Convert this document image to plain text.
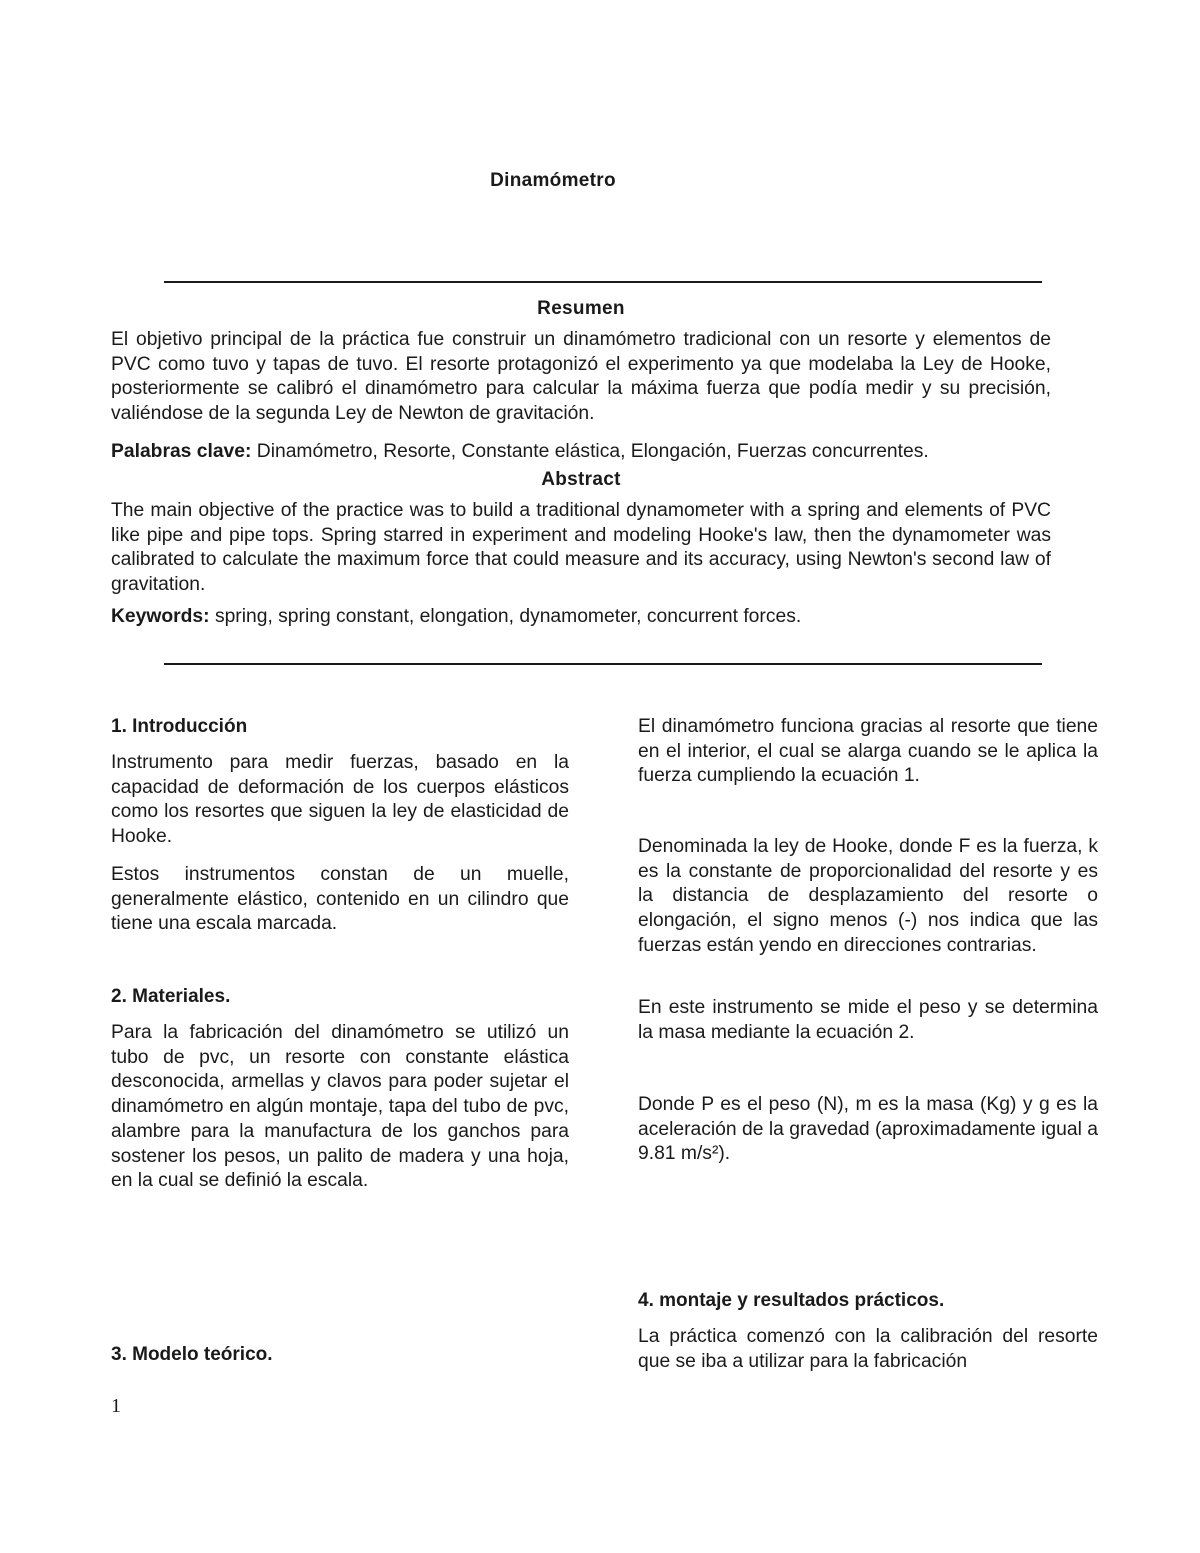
Dinamómetro
Resumen

El objetivo principal de la práctica fue construir un dinamómetro tradicional con un resorte y elementos de PVC como tuvo y tapas de tuvo. El resorte protagonizó el experimento ya que modelaba la Ley de Hooke, posteriormente se calibró el dinamómetro para calcular la máxima fuerza que podía medir y su precisión, valiéndose de la segunda Ley de Newton de gravitación.

Palabras clave: Dinamómetro, Resorte, Constante elástica, Elongación, Fuerzas concurrentes.

Abstract

The main objective of the practice was to build a traditional dynamometer with a spring and elements of PVC like pipe and pipe tops. Spring starred in experiment and modeling Hooke's law, then the dynamometer was calibrated to calculate the maximum force that could measure and its accuracy, using Newton's second law of gravitation.

Keywords: spring, spring constant, elongation, dynamometer, concurrent forces.

1. Introducción

Instrumento para medir fuerzas, basado en la capacidad de deformación de los cuerpos elásticos como los resortes que siguen la ley de elasticidad de Hooke.

Estos instrumentos constan de un muelle, generalmente elástico, contenido en un cilindro que tiene una escala marcada.

2. Materiales.

Para la fabricación del dinamómetro se utilizó un tubo de pvc, un resorte con constante elástica desconocida, armellas y clavos para poder sujetar el dinamómetro en algún montaje, tapa del tubo de pvc, alambre para la manufactura de los ganchos para sostener los pesos, un palito de madera y una hoja, en la cual se definió la escala.

3. Modelo teórico.

El dinamómetro funciona gracias al resorte que tiene en el interior, el cual se alarga cuando se le aplica la fuerza cumpliendo la ecuación 1.

Denominada la ley de Hooke, donde F es la fuerza, k es la constante de proporcionalidad del resorte y es la distancia de desplazamiento del resorte o elongación, el signo menos (-) nos indica que las fuerzas están yendo en direcciones contrarias.

En este instrumento se mide el peso y se determina la masa mediante la ecuación 2.

Donde P es el peso (N), m es la masa (Kg) y g es la aceleración de la gravedad (aproximadamente igual a 9.81 m/s²).

4. montaje y resultados prácticos.

La práctica comenzó con la calibración del resorte que se iba a utilizar para la fabricación

1
